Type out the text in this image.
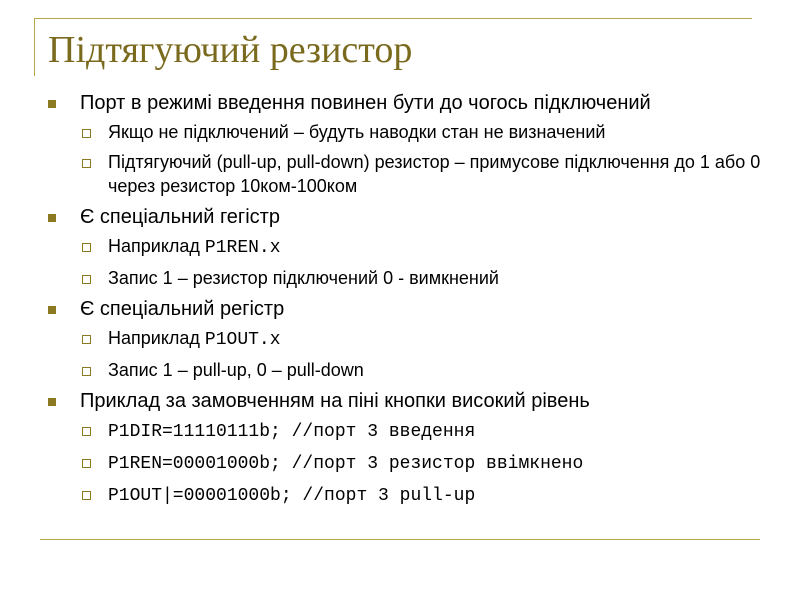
Підтягуючий резистор
Порт в режимі введення повинен бути до чогось підключений
Якщо не підключений – будуть наводки стан не визначений
Підтягуючий (pull-up, pull-down) резистор – примусове підключення до 1 або 0 через резистор 10ком-100ком
Є спеціальний гегістр
Наприклад P1REN.x
Запис 1 – резистор підключений 0 - вимкнений
Є спеціальний регістр
Наприклад P1OUT.x
Запис 1 – pull-up, 0 – pull-down
Приклад за замовченням на піні кнопки високий рівень
P1DIR=11110111b; //порт 3 введення
P1REN=00001000b; //порт 3 резистор ввімкнено
P1OUT|=00001000b; //порт 3 pull-up
